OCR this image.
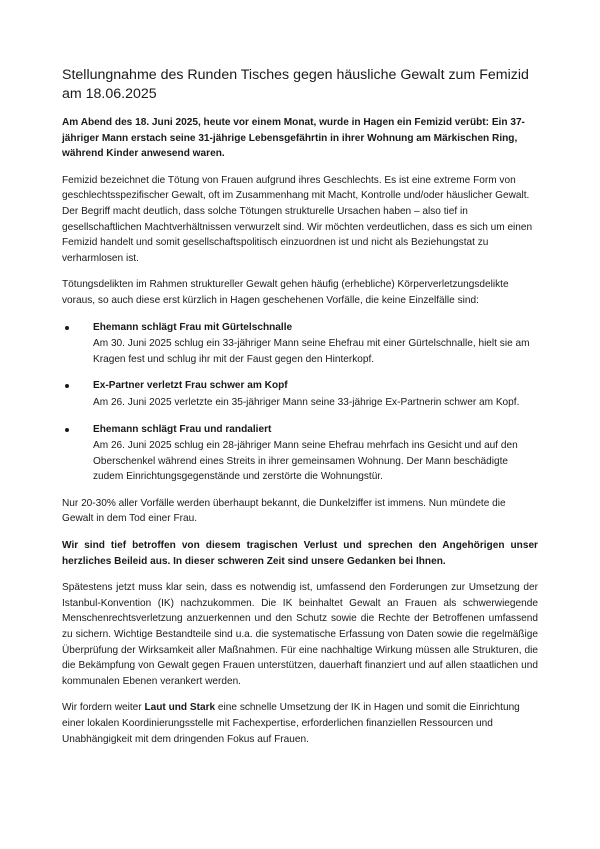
Stellungnahme des Runden Tisches gegen häusliche Gewalt zum Femizid am 18.06.2025

Am Abend des 18. Juni 2025, heute vor einem Monat, wurde in Hagen ein Femizid verübt: Ein 37-jähriger Mann erstach seine 31-jährige Lebensgefährtin in ihrer Wohnung am Märkischen Ring, während Kinder anwesend waren.

Femizid bezeichnet die Tötung von Frauen aufgrund ihres Geschlechts. Es ist eine extreme Form von geschlechtsspezifischer Gewalt, oft im Zusammenhang mit Macht, Kontrolle und/oder häuslicher Gewalt. Der Begriff macht deutlich, dass solche Tötungen strukturelle Ursachen haben – also tief in gesellschaftlichen Machtverhältnissen verwurzelt sind. Wir möchten verdeutlichen, dass es sich um einen Femizid handelt und somit gesellschaftspolitisch einzuordnen ist und nicht als Beziehungstat zu verharmlosen ist.

Tötungsdelikten im Rahmen struktureller Gewalt gehen häufig (erhebliche) Körperverletzungsdelikte voraus, so auch diese erst kürzlich in Hagen geschehenen Vorfälle, die keine Einzelfälle sind:

Ehemann schlägt Frau mit Gürtelschnalle
Am 30. Juni 2025 schlug ein 33-jähriger Mann seine Ehefrau mit einer Gürtelschnalle, hielt sie am Kragen fest und schlug ihr mit der Faust gegen den Hinterkopf.
Ex-Partner verletzt Frau schwer am Kopf
Am 26. Juni 2025 verletzte ein 35-jähriger Mann seine 33-jährige Ex-Partnerin schwer am Kopf.
Ehemann schlägt Frau und randaliert
Am 26. Juni 2025 schlug ein 28-jähriger Mann seine Ehefrau mehrfach ins Gesicht und auf den Oberschenkel während eines Streits in ihrer gemeinsamen Wohnung. Der Mann beschädigte zudem Einrichtungsgegenstände und zerstörte die Wohnungstür.

Nur 20-30% aller Vorfälle werden überhaupt bekannt, die Dunkelziffer ist immens. Nun mündete die Gewalt in dem Tod einer Frau.

Wir sind tief betroffen von diesem tragischen Verlust und sprechen den Angehörigen unser herzliches Beileid aus. In dieser schweren Zeit sind unsere Gedanken bei Ihnen.

Spätestens jetzt muss klar sein, dass es notwendig ist, umfassend den Forderungen zur Umsetzung der Istanbul-Konvention (IK) nachzukommen. Die IK beinhaltet Gewalt an Frauen als schwerwiegende Menschenrechtsverletzung anzuerkennen und den Schutz sowie die Rechte der Betroffenen umfassend zu sichern. Wichtige Bestandteile sind u.a. die systematische Erfassung von Daten sowie die regelmäßige Überprüfung der Wirksamkeit aller Maßnahmen. Für eine nachhaltige Wirkung müssen alle Strukturen, die die Bekämpfung von Gewalt gegen Frauen unterstützen, dauerhaft finanziert und auf allen staatlichen und kommunalen Ebenen verankert werden.

Wir fordern weiter Laut und Stark eine schnelle Umsetzung der IK in Hagen und somit die Einrichtung einer lokalen Koordinierungsstelle mit Fachexpertise, erforderlichen finanziellen Ressourcen und Unabhängigkeit mit dem dringenden Fokus auf Frauen.
